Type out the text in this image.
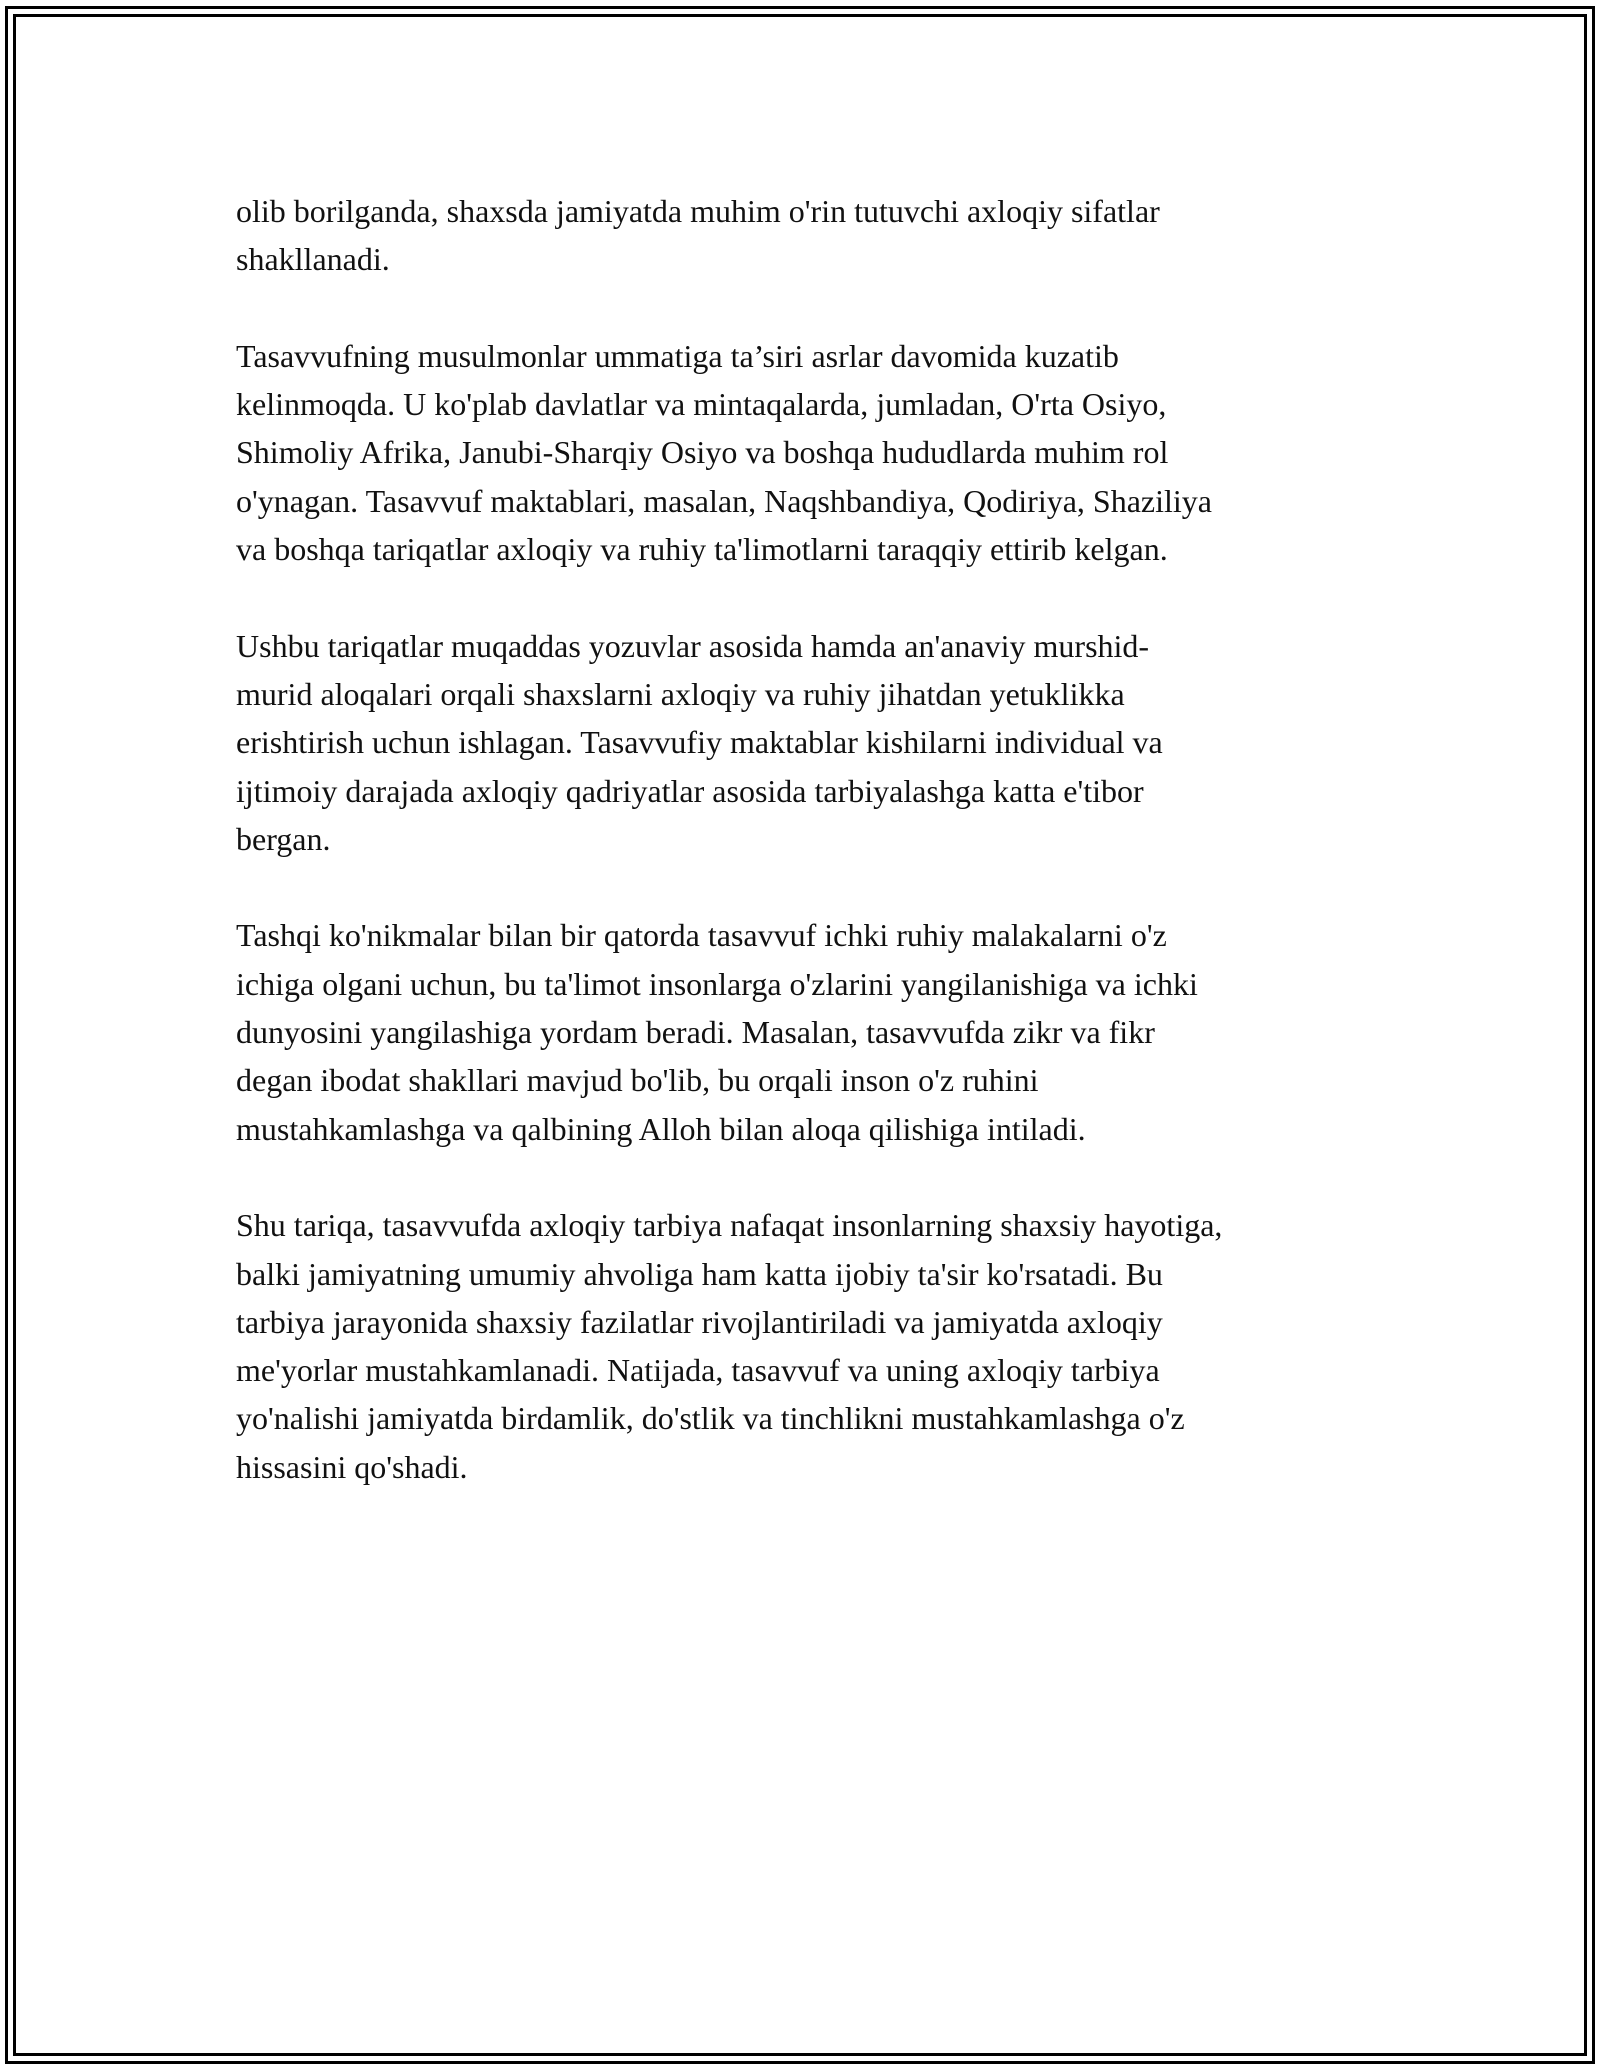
olib borilganda, shaxsda jamiyatda muhim o'rin tutuvchi axloqiy sifatlar
shakllanadi.

Tasavvufning musulmonlar ummatiga ta’siri asrlar davomida kuzatib
kelinmoqda. U ko'plab davlatlar va mintaqalarda, jumladan, O'rta Osiyo,
Shimoliy Afrika, Janubi-Sharqiy Osiyo va boshqa hududlarda muhim rol
o'ynagan. Tasavvuf maktablari, masalan, Naqshbandiya, Qodiriya, Shaziliya
va boshqa tariqatlar axloqiy va ruhiy ta'limotlarni taraqqiy ettirib kelgan.

Ushbu tariqatlar muqaddas yozuvlar asosida hamda an'anaviy murshid-
murid aloqalari orqali shaxslarni axloqiy va ruhiy jihatdan yetuklikka
erishtirish uchun ishlagan. Tasavvufiy maktablar kishilarni individual va
ijtimoiy darajada axloqiy qadriyatlar asosida tarbiyalashga katta e'tibor
bergan.

Tashqi ko'nikmalar bilan bir qatorda tasavvuf ichki ruhiy malakalarni o'z
ichiga olgani uchun, bu ta'limot insonlarga o'zlarini yangilanishiga va ichki
dunyosini yangilashiga yordam beradi. Masalan, tasavvufda zikr va fikr
degan ibodat shakllari mavjud bo'lib, bu orqali inson o'z ruhini
mustahkamlashga va qalbining Alloh bilan aloqa qilishiga intiladi.

Shu tariqa, tasavvufda axloqiy tarbiya nafaqat insonlarning shaxsiy hayotiga,
balki jamiyatning umumiy ahvoliga ham katta ijobiy ta'sir ko'rsatadi. Bu
tarbiya jarayonida shaxsiy fazilatlar rivojlantiriladi va jamiyatda axloqiy
me'yorlar mustahkamlanadi. Natijada, tasavvuf va uning axloqiy tarbiya
yo'nalishi jamiyatda birdamlik, do'stlik va tinchlikni mustahkamlashga o'z
hissasini qo'shadi.
